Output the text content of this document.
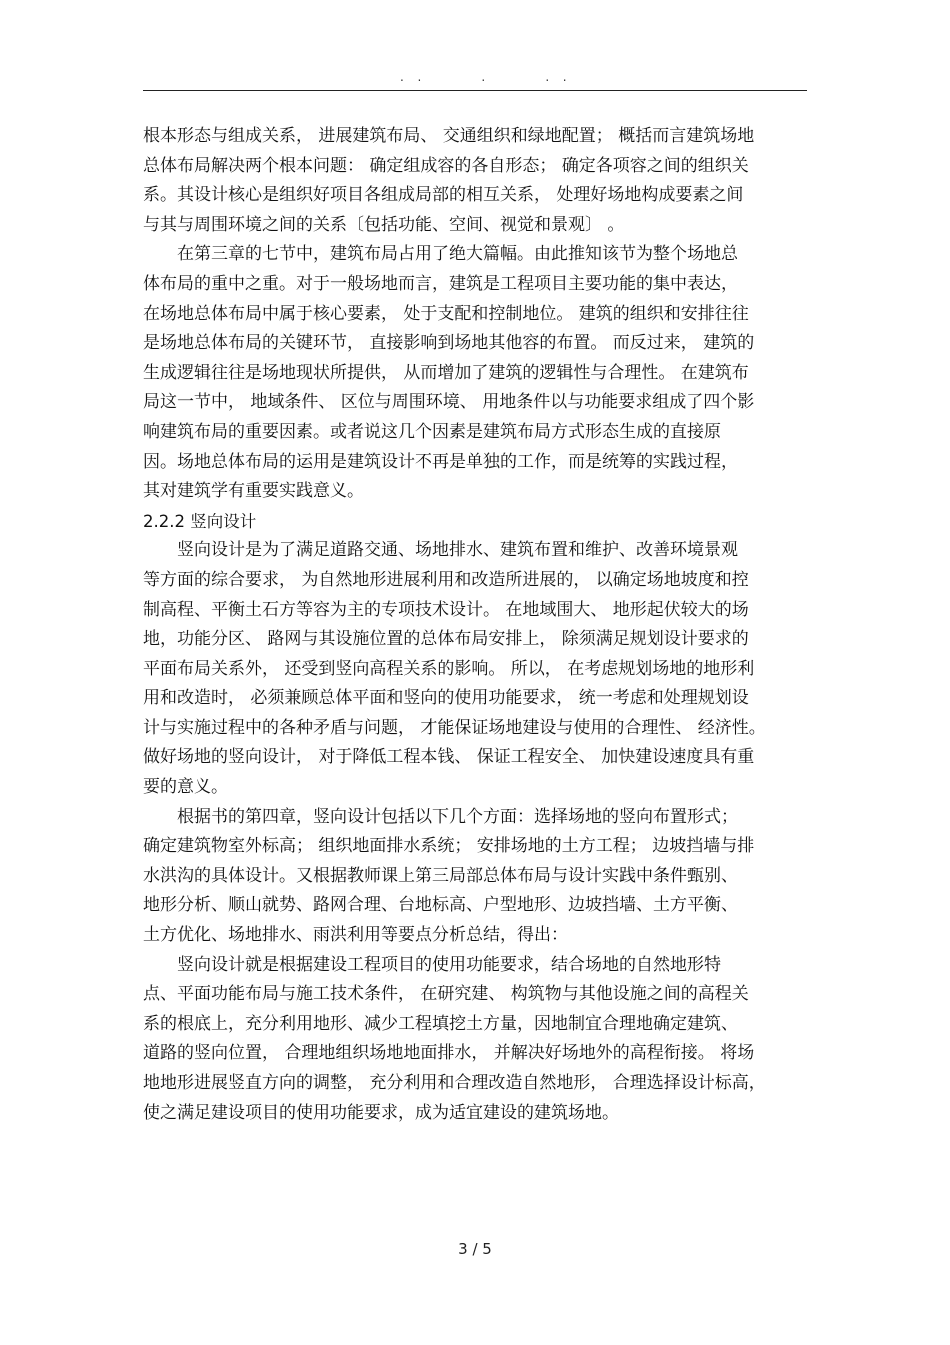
.  .          .          .  .
根本形态与组成关系， 进展建筑布局、 交通组织和绿地配置； 概括而言建筑场地
总体布局解决两个根本问题： 确定组成容的各自形态； 确定各项容之间的组织关
系。其设计核心是组织好项目各组成局部的相互关系， 处理好场地构成要素之间
与其与周围环境之间的关系〔包括功能、空间、视觉和景观〕 。
在第三章的七节中，建筑布局占用了绝大篇幅。由此推知该节为整个场地总
体布局的重中之重。对于一般场地而言，建筑是工程项目主要功能的集中表达，
在场地总体布局中属于核心要素， 处于支配和控制地位。 建筑的组织和安排往往
是场地总体布局的关键环节， 直接影响到场地其他容的布置。 而反过来， 建筑的
生成逻辑往往是场地现状所提供， 从而增加了建筑的逻辑性与合理性。 在建筑布
局这一节中， 地域条件、 区位与周围环境、 用地条件以与功能要求组成了四个影
响建筑布局的重要因素。或者说这几个因素是建筑布局方式形态生成的直接原
因。场地总体布局的运用是建筑设计不再是单独的工作，而是统筹的实践过程，
其对建筑学有重要实践意义。
2.2.2 竖向设计
竖向设计是为了满足道路交通、场地排水、建筑布置和维护、改善环境景观
等方面的综合要求， 为自然地形进展利用和改造所进展的， 以确定场地坡度和控
制高程、平衡土石方等容为主的专项技术设计。 在地域围大、 地形起伏较大的场
地，功能分区、 路网与其设施位置的总体布局安排上， 除须满足规划设计要求的
平面布局关系外， 还受到竖向高程关系的影响。 所以， 在考虑规划场地的地形利
用和改造时， 必须兼顾总体平面和竖向的使用功能要求， 统一考虑和处理规划设
计与实施过程中的各种矛盾与问题， 才能保证场地建设与使用的合理性、 经济性。
做好场地的竖向设计， 对于降低工程本钱、 保证工程安全、 加快建设速度具有重
要的意义。
根据书的第四章，竖向设计包括以下几个方面：选择场地的竖向布置形式；
确定建筑物室外标高； 组织地面排水系统； 安排场地的土方工程； 边坡挡墙与排
水洪沟的具体设计。又根据教师课上第三局部总体布局与设计实践中条件甄别、
地形分析、顺山就势、路网合理、台地标高、户型地形、边坡挡墙、土方平衡、
土方优化、场地排水、雨洪利用等要点分析总结，得出：
竖向设计就是根据建设工程项目的使用功能要求，结合场地的自然地形特
点、平面功能布局与施工技术条件， 在研究建、 构筑物与其他设施之间的高程关
系的根底上，充分利用地形、减少工程填挖土方量，因地制宜合理地确定建筑、
道路的竖向位置， 合理地组织场地地面排水， 并解决好场地外的高程衔接。 将场
地地形进展竖直方向的调整， 充分利用和合理改造自然地形， 合理选择设计标高，
使之满足建设项目的使用功能要求，成为适宜建设的建筑场地。
3 / 5
